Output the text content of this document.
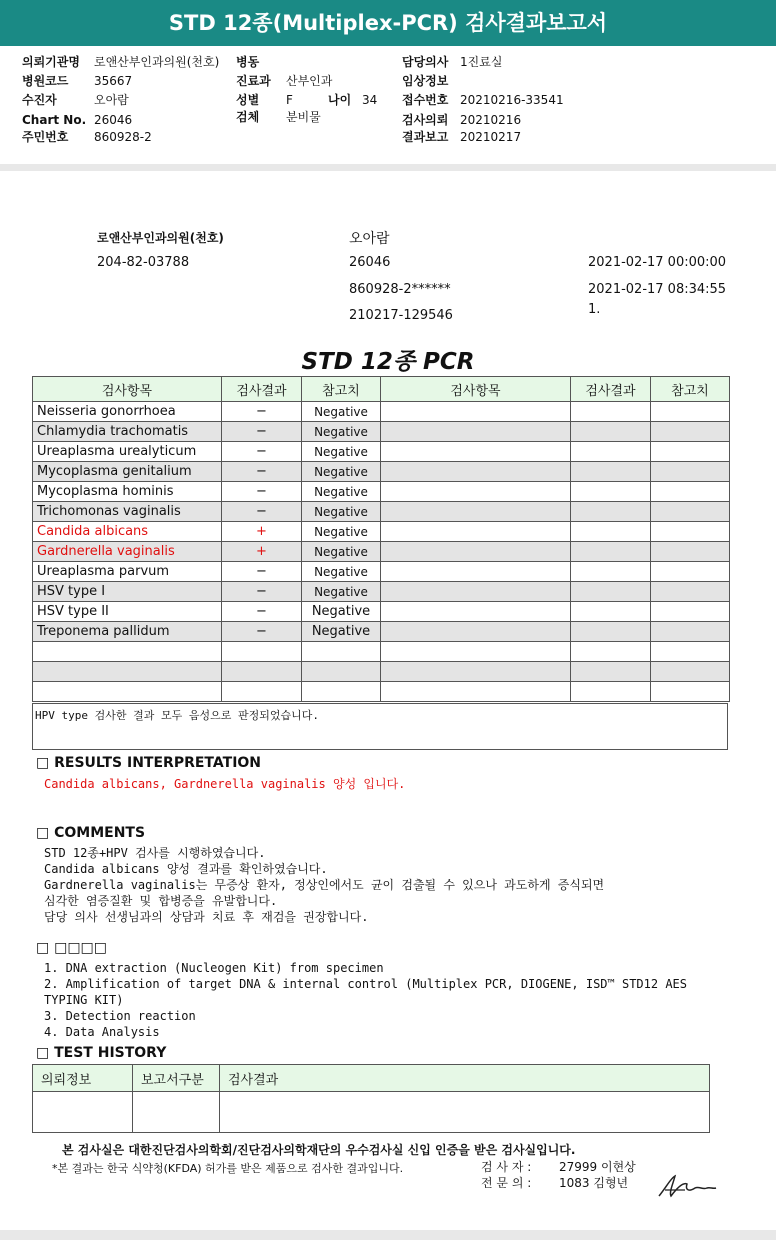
STD 12종(Multiplex-PCR) 검사결과보고서
의뢰기관명 로앤산부인과의원(천호) 병동	담당의사 1진료실
병원코드 35667	진료과 산부인과	임상정보
수진자	오아람	성별 F	나이 34 접수번호 20210216-33541
Chart No. 26046	검체 분비물	검사의뢰 20210216
주민번호 860928-2	결과보고 20210217
로앤산부인과의원(천호)
204-82-03788
오아람
26046
860928-2******
210217-129546
2021-02-17 00:00:00
2021-02-17 08:34:55
1.
STD 12종 PCR
검사항목	검사결과	참고치	검사항목	검사결과	참고치
Neisseria gonorrhoea	−	Negative			
Chlamydia trachomatis	−	Negative			
Ureaplasma urealyticum	−	Negative			
Mycoplasma genitalium	−	Negative			
Mycoplasma hominis	−	Negative			
Trichomonas vaginalis	−	Negative			
Candida albicans	+	Negative			
Gardnerella vaginalis	+	Negative			
Ureaplasma parvum	−	Negative			
HSV type I	−	Negative			
HSV type II	−	Negative			
Treponema pallidum	−	Negative			

HPV type 검사한 결과 모두 음성으로 판정되었습니다.
□ RESULTS INTERPRETATION
Candida albicans, Gardnerella vaginalis 양성 입니다.
□ COMMENTS
STD 12종+HPV 검사를 시행하였습니다.
Candida albicans 양성 결과를 확인하였습니다.
Gardnerella vaginalis는 무증상 환자, 정상인에서도 균이 검출될 수 있으나 과도하게 증식되면
심각한 염증질환 및 합병증을 유발합니다.
담당 의사 선생님과의 상담과 치료 후 재검을 권장합니다.
□ □□□□
1. DNA extraction (Nucleogen Kit) from specimen
2. Amplification of target DNA & internal control (Multiplex PCR, DIOGENE, ISD™ STD12 AES
TYPING KIT)
3. Detection reaction
4. Data Analysis
□ TEST HISTORY
의뢰정보	보고서구분	검사결과

본 검사실은 대한진단검사의학회/진단검사의학재단의 우수검사실 신입 인증을 받은 검사실입니다.
*본 결과는 한국 식약청(KFDA) 허가를 받은 제품으로 검사한 결과입니다.	검 사 자 : 27999 이현상
전 문 의 : 1083 김형년
